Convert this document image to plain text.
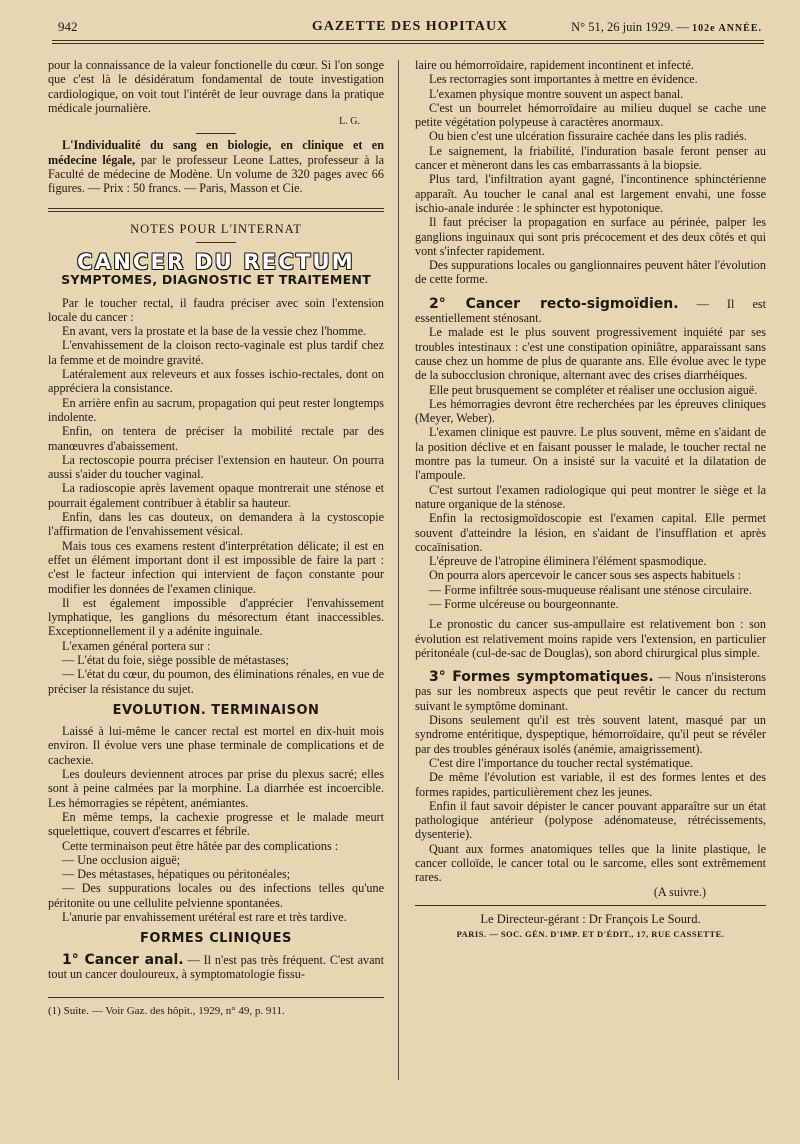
942	GAZETTE DES HOPITAUX	N° 51, 26 juin 1929. — 102e ANNÉE.

pour la connaissance de la valeur fonctionelle du cœur. Si l'on songe que c'est là le désidératum fondamental de toute investigation cardiologique, on voit tout l'intérêt de leur ouvrage dans la pratique médicale journalière.

L. G.

L'Individualité du sang en biologie, en clinique et en médecine légale, par le professeur Leone Lattes, professeur à la Faculté de médecine de Modène. Un volume de 320 pages avec 66 figures. — Prix : 50 francs. — Paris, Masson et Cie.

NOTES POUR L'INTERNAT

CANCER DU RECTUM
SYMPTOMES, DIAGNOSTIC ET TRAITEMENT

Par le toucher rectal, il faudra préciser avec soin l'extension locale du cancer :

En avant, vers la prostate et la base de la vessie chez l'homme.

L'envahissement de la cloison recto-vaginale est plus tardif chez la femme et de moindre gravité.

Latéralement aux releveurs et aux fosses ischio-rectales, dont on appréciera la consistance.

En arrière enfin au sacrum, propagation qui peut rester longtemps indolente.

Enfin, on tentera de préciser la mobilité rectale par des manœuvres d'abaissement.

La rectoscopie pourra préciser l'extension en hauteur. On pourra aussi s'aider du toucher vaginal.

La radioscopie après lavement opaque montrerait une sténose et pourrait également contribuer à établir sa hauteur.

Enfin, dans les cas douteux, on demandera à la cystoscopie l'affirmation de l'envahissement vésical.

Mais tous ces examens restent d'interprétation délicate; il est en effet un élément important dont il est impossible de faire la part : c'est le facteur infection qui intervient de façon constante pour modifier les données de l'examen clinique.

Il est également impossible d'apprécier l'envahissement lymphatique, les ganglions du mésorectum étant inaccessibles. Exceptionnellement il y a adénite inguinale.

L'examen général portera sur :

— L'état du foie, siège possible de métastases;

— L'état du cœur, du poumon, des éliminations rénales, en vue de préciser la résistance du sujet.

EVOLUTION. TERMINAISON

Laissé à lui-même le cancer rectal est mortel en dix-huit mois environ. Il évolue vers une phase terminale de complications et de cachexie.

Les douleurs deviennent atroces par prise du plexus sacré; elles sont à peine calmées par la morphine. La diarrhée est incoercible. Les hémorragies se répètent, anémiantes.

En même temps, la cachexie progresse et le malade meurt squelettique, couvert d'escarres et fébrile.

Cette terminaison peut être hâtée par des complications :

— Une occlusion aiguë;

— Des métastases, hépatiques ou péritonéales;

— Des suppurations locales ou des infections telles qu'une péritonite ou une cellulite pelvienne spontanées.

L'anurie par envahissement urétéral est rare et très tardive.

FORMES CLINIQUES

1° Cancer anal. — Il n'est pas très fréquent. C'est avant tout un cancer douloureux, à symptomatologie fissu-

(1) Suite. — Voir Gaz. des hôpit., 1929, n° 49, p. 911.

laire ou hémorroïdaire, rapidement incontinent et infecté.

Les rectorragies sont importantes à mettre en évidence.

L'examen physique montre souvent un aspect banal.

C'est un bourrelet hémorroïdaire au milieu duquel se cache une petite végétation polypeuse à caractères anormaux.

Ou bien c'est une ulcération fissuraire cachée dans les plis radiés.

Le saignement, la friabilité, l'induration basale feront penser au cancer et mèneront dans les cas embarrassants à la biopsie.

Plus tard, l'infiltration ayant gagné, l'incontinence sphinctérienne apparaît. Au toucher le canal anal est largement envahi, une fosse ischio-anale indurée : le sphincter est hypotonique.

Il faut préciser la propagation en surface au périnée, palper les ganglions inguinaux qui sont pris précocement et des deux côtés et qui vont s'infecter rapidement.

Des suppurations locales ou ganglionnaires peuvent hâter l'évolution de cette forme.

2° Cancer recto-sigmoïdien. — Il est essentiellement sténosant.

Le malade est le plus souvent progressivement inquiété par ses troubles intestinaux : c'est une constipation opiniâtre, apparaissant sans cause chez un homme de plus de quarante ans. Elle évolue avec le type de la subocclusion chronique, alternant avec des crises diarrhéiques.

Elle peut brusquement se compléter et réaliser une occlusion aiguë.

Les hémorragies devront être recherchées par les épreuves cliniques (Meyer, Weber).

L'examen clinique est pauvre. Le plus souvent, même en s'aidant de la position déclive et en faisant pousser le malade, le toucher rectal ne montre pas la tumeur. On a insisté sur la vacuité et la dilatation de l'ampoule.

C'est surtout l'examen radiologique qui peut montrer le siège et la nature organique de la sténose.

Enfin la rectosigmoïdoscopie est l'examen capital. Elle permet souvent d'atteindre la lésion, en s'aidant de l'insufflation et après cocaïnisation.

L'épreuve de l'atropine éliminera l'élément spasmodique.

On pourra alors apercevoir le cancer sous ses aspects habituels :

— Forme infiltrée sous-muqueuse réalisant une sténose circulaire.

— Forme ulcéreuse ou bourgeonnante.

Le pronostic du cancer sus-ampullaire est relativement bon : son évolution est relativement moins rapide vers l'extension, en particulier péritonéale (cul-de-sac de Douglas), son abord chirurgical plus simple.

3° Formes symptomatiques. — Nous n'insisterons pas sur les nombreux aspects que peut revêtir le cancer du rectum suivant le symptôme dominant.

Disons seulement qu'il est très souvent latent, masqué par un syndrome entéritique, dyspeptique, hémorroïdaire, qu'il peut se révéler par des troubles généraux isolés (anémie, amaigrissement).

C'est dire l'importance du toucher rectal systématique.

De même l'évolution est variable, il est des formes lentes et des formes rapides, particulièrement chez les jeunes.

Enfin il faut savoir dépister le cancer pouvant apparaître sur un état pathologique antérieur (polypose adénomateuse, rétrécissements, dysenterie).

Quant aux formes anatomiques telles que la linite plastique, le cancer colloïde, le cancer total ou le sarcome, elles sont extrêmement rares.

(A suivre.)

Le Directeur-gérant : Dr François Le Sourd.

PARIS. — SOC. GÉN. D'IMP. ET D'ÉDIT., 17, RUE CASSETTE.
